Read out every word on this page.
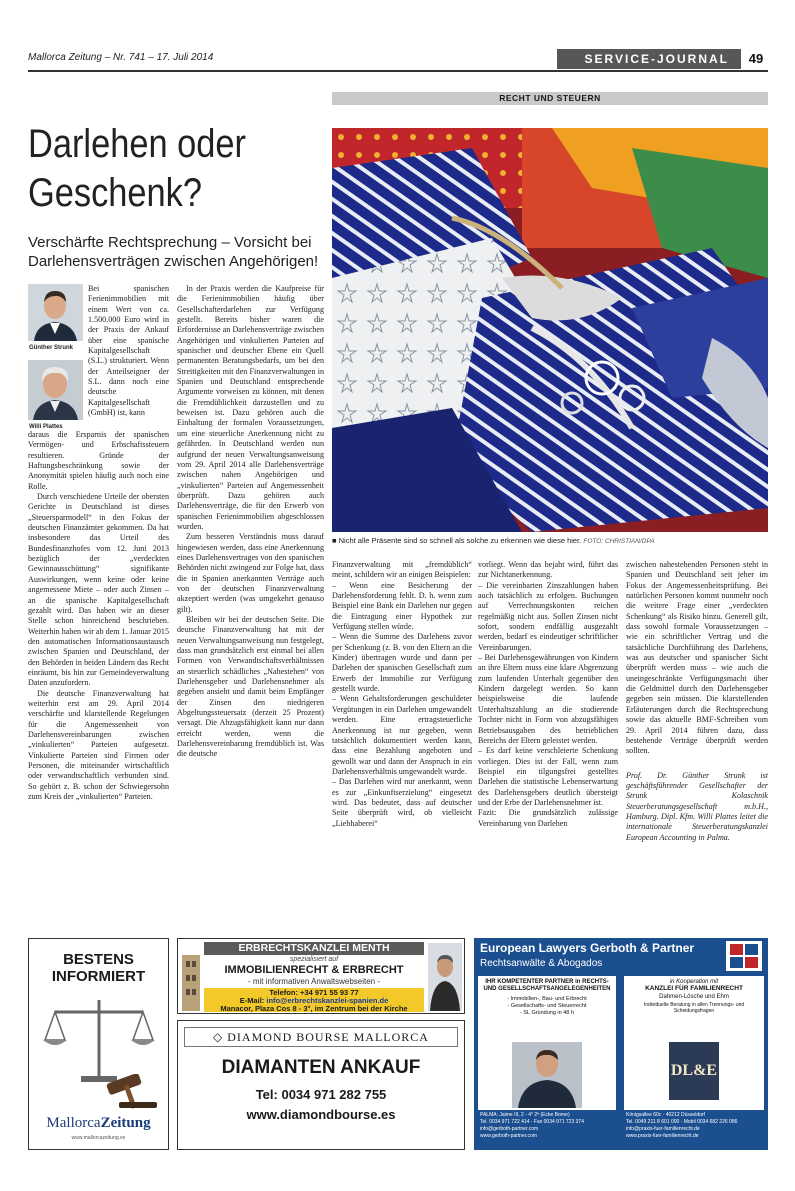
Mallorca Zeitung – Nr. 741 – 17. Juli 2014	SERVICE-JOURNAL	49
RECHT UND STEUERN
Darlehen oder Geschenk?
Verschärfte Rechtsprechung – Vorsicht bei Darlehensverträgen zwischen Angehörigen!
Günther Strunk
Willi Plattes
■ Nicht alle Präsente sind so schnell als solche zu erkennen wie diese hier. FOTO: CHRISTIAN/DPA

Bei spanischen Ferienimmobilien mit einem Wert von ca. 1.500.000 Euro wird in der Praxis der Ankauf über eine spanische Kapitalgesellschaft (S.L.) strukturiert. Wenn der Anteilseigner der S.L. dann noch eine deutsche Kapitalgesellschaft (GmbH) ist, kann

daraus die Ersparnis der spanischen Vermögen- und Erbschaftssteuern resultieren. Gründe der Haftungsbeschränkung sowie der Anonymität spielen häufig auch noch eine Rolle.

Durch verschiedene Urteile der obersten Gerichte in Deutschland ist dieses „Steuersparmodell“ in den Fokus der deutschen Finanzämter gekommen. Da hat insbesondere das Urteil des Bundesfinanzhofes vom 12. Juni 2013 bezüglich der „verdeckten Gewinnausschüttung“ signifikante Auswirkungen, wenn keine oder keine angemessene Miete – oder auch Zinsen – an die spanische Kapitalgesellschaft gezahlt wird. Das haben wir an dieser Stelle schon hinreichend beschrieben. Weiterhin haben wir ab dem 1. Januar 2015 den automatischen Informationsaustausch zwischen Spanien und Deutschland, der den Behörden in beiden Ländern das Recht einräumt, bis hin zur Gemeindeverwaltung Daten anzufordern.

Die deutsche Finanzverwaltung hat weiterhin erst am 29. April 2014 verschärfte und klarstellende Regelungen für die Angemessenheit von Darlehensvereinbarungen zwischen „vinkulierten“ Parteien aufgesetzt. Vinkulierte Parteien sind Firmen oder Personen, die miteinander wirtschaftlich oder verwandtschaftlich verbunden sind. So gehört z. B. schon der Schwiegersohn zum Kreis der „vinkulierten“ Parteien.

In der Praxis werden die Kaufpreise für die Ferienimmobilien häufig über Gesellschafterdarlehen zur Verfügung gestellt. Bereits bisher waren die Erfordernisse an Darlehensverträge zwischen Angehörigen und vinkulierten Parteien auf spanischer und deutscher Ebene ein Quell permanenten Beratungsbedarfs, um bei den Streitigkeiten mit den Finanzverwaltungen in Spanien und Deutschland entsprechende Argumente vorweisen zu können, mit denen die Fremdüblichkeit darzustellen und zu beweisen ist. Dazu gehören auch die Einhaltung der formalen Voraussetzungen, um eine steuerliche Anerkennung nicht zu gefährden. In Deutschland werden nun aufgrund der neuen Verwaltungsanweisung vom 29. April 2014 alle Darlehensverträge zwischen nahen Angehörigen und „vinkulierten“ Parteien auf Angemessenheit überprüft. Dazu gehören auch Darlehensverträge, die für den Erwerb von spanischen Ferienimmobilien abgeschlossen wurden.

Zum besseren Verständnis muss darauf hingewiesen werden, dass eine Anerkennung eines Darlehensvertrages von den spanischen Behörden nicht zwingend zur Folge hat, dass die in Spanien anerkannten Verträge auch von der deutschen Finanzverwaltung akzeptiert werden (was umgekehrt genauso gilt).

Bleiben wir bei der deutschen Seite. Die deutsche Finanzverwaltung hat mit der neuen Verwaltungsanweisung nun festgelegt, dass man grundsätzlich erst einmal bei allen Formen von Verwandtschaftsverhältnissen an steuerlich schädliches „Nahestehen“ von Darlehensgeber und Darlehensnehmer als gegeben ansieht und damit beim Empfänger der Zinsen den niedrigeren Abgeltungssteuersatz (derzeit 25 Prozent) versagt. Die Abzugsfähigkeit kann nur dann erreicht werden, wenn die Darlehensvereinbarung fremdüblich ist. Was die deutsche

Finanzverwaltung mit „fremdüblich“ meint, schildern wir an einigen Beispielen:
– Wenn eine Besicherung der Darlehensforderung fehlt. D. h. wenn zum Beispiel eine Bank ein Darlehen nur gegen die Eintragung einer Hypothek zur Verfügung stellen würde.
– Wenn die Summe des Darlehens zuvor per Schenkung (z. B. von den Eltern an die Kinder) übertragen wurde und dann per Darlehen der spanischen Gesellschaft zum Erwerb der Immobilie zur Verfügung gestellt wurde.
– Wenn Gehaltsforderungen geschuldeter Vergütungen in ein Darlehen umgewandelt werden. Eine ertragsteuerliche Anerkennung ist nur gegeben, wenn tatsächlich dokumentiert werden kann, dass eine Bezahlung angeboten und gewollt war und dann der Anspruch in ein Darlehensverhältnis umgewandelt wurde.
– Das Darlehen wird nur anerkannt, wenn es zur „Einkunftserzielung“ eingesetzt wird. Das bedeutet, dass auf deutscher Seite überprüft wird, ob vielleicht „Liebhaberei“
vorliegt. Wenn das bejaht wird, führt das zur Nichtanerkennung.
– Die vereinbarten Zinszahlungen haben auch tatsächlich zu erfolgen. Buchungen auf Verrechnungskonten reichen regelmäßig nicht aus. Sollen Zinsen nicht sofort, sondern endfällig ausgezahlt werden, bedarf es eindeutiger schriftlicher Vereinbarungen.
– Bei Darlehensgewährungen von Kindern an ihre Eltern muss eine klare Abgrenzung zum laufenden Unterhalt gegenüber den Kindern dargelegt werden. So kann beispielsweise die laufende Unterhaltszahlung an die studierende Tochter nicht in Form von abzugsfähigen Betriebsausgaben des betrieblichen Bereichs der Eltern geleistet werden.
– Es darf keine verschleierte Schenkung vorliegen. Dies ist der Fall, wenn zum Beispiel ein tilgungsfrei gestelltes Darlehen die statistische Lebenserwartung des Darlehensgebers deutlich übersteigt und der Erbe der Darlehensnehmer ist.
Fazit: Die grundsätzlich zulässige Vereinbarung von Darlehen

zwischen nahestehenden Personen steht in Spanien und Deutschland seit jeher im Fokus der Angemessenheitsprüfung. Bei natürlichen Personen kommt nunmehr noch die weitere Frage einer „verdeckten Schenkung“ als Risiko hinzu. Generell gilt, dass sowohl formale Voraussetzungen – wie ein schriftlicher Vertrag und die tatsächliche Durchführung des Darlehens, was aus deutscher und spanischer Sicht überprüft werden muss – wie auch die uneingeschränkte Verfügungsmacht über die Geldmittel durch den Darlehensgeber gegeben sein müssen. Die klarstellenden Erläuterungen durch die Rechtsprechung sowie das aktuelle BMF-Schreiben vom 29. April 2014 führen dazu, dass bestehende Verträge überprüft werden sollten.

Prof. Dr. Günther Strunk ist geschäftsführender Gesellschafter der Strunk Kolaschnik Steuerberatungsgesellschaft m.b.H., Hamburg. Dipl. Kfm. Willi Plattes leitet die internationale Steuerberatungskanzlei European Accounting in Palma.

BESTENS
INFORMIERT
MallorcaZeitung
www.mallorcazeitung.es
ERBRECHTSKANZLEI MENTH
spezialisiert auf
IMMOBILIENRECHT & ERBRECHT
- mit informativen Anwaltswebseiten -
Telefon: +34 971 55 93 77
E-Mail: info@erbrechtskanzlei-spanien.de
Manacor, Plaza Cos 8 - 3°, im Zentrum bei der Kirche
◇ DIAMOND BOURSE MALLORCA
DIAMANTEN ANKAUF
Tel: 0034 971 282 755
www.diamondbourse.es
European Lawyers Gerboth & Partner
Rechtsanwälte & Abogados
IHR KOMPETENTER PARTNER in RECHTS- UND GESELLSCHAFTSANGELEGENHEITEN
- Immobilien-, Bau- und Erbrecht
- Gesellschafts- und Steuerrecht
- SL Gründung in 48 h
in Kooperation mit
KANZLEI FÜR FAMILIENRECHT
Dahmen-Lösche und Ehm
Individuelle Beratung in allen Trennungs- und Scheidungsfragen
DL&E
PALMA: Jaime III, 2 - 4° 2ª (Ecke Borne)
Tel. 0034 971 722 414 · Fax 0034 971 723 374
info@gerboth-partner.com
www.gerboth-partner.com
Königsallee 60c · 40212 Düsseldorf
Tel. 0049 211 8 601 000 · Mobil 0034 682 226 086
info@praxis-fuer-familienrecht.de
www.praxis-fuer-familienrecht.de
